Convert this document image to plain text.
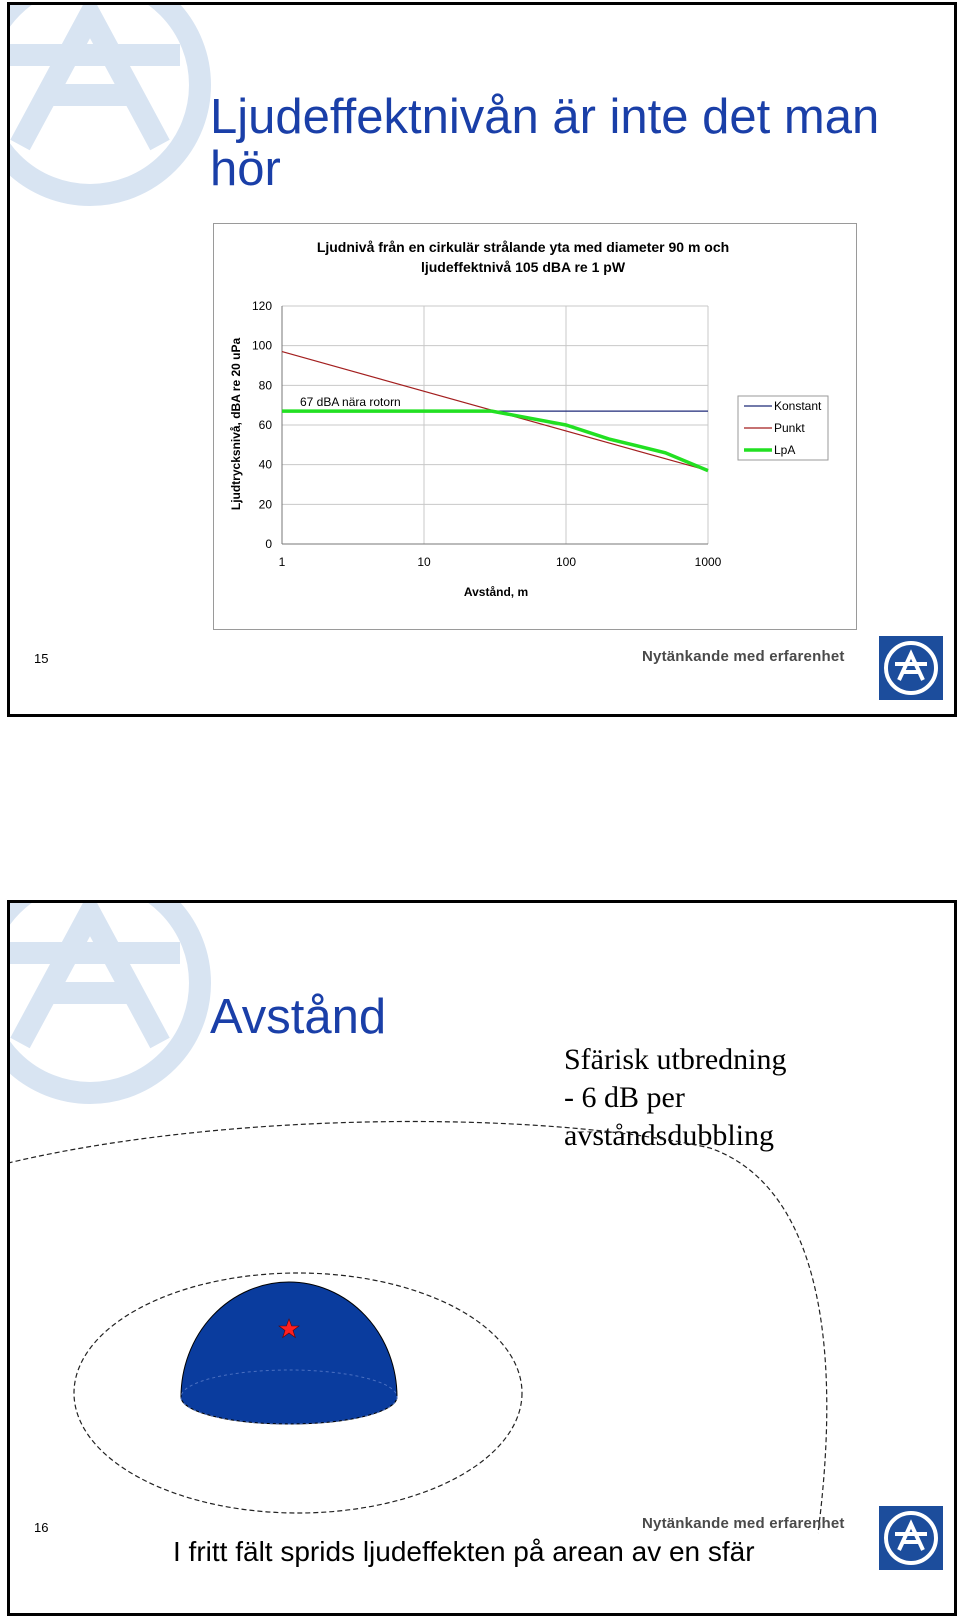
Ljudeffektnivån är inte det man hör
Ljudnivå från en cirkulär strålande yta med diameter 90 m och
ljudeffektnivå 105 dBA re 1 pW
0
20
40
60
80
100
120
1	10	100	1000
67 dBA nära rotorn
Avstånd, m
Ljudtrycksnivå, dBA re 20 uPa	Konstant
Punkt
LpA
15	Nytänkande med erfarenhet
Avstånd
Sfärisk utbredning
- 6 dB per
avståndsdubbling
I fritt fält sprids ljudeffekten på arean av en sfär
16	Nytänkande med erfarenhet
